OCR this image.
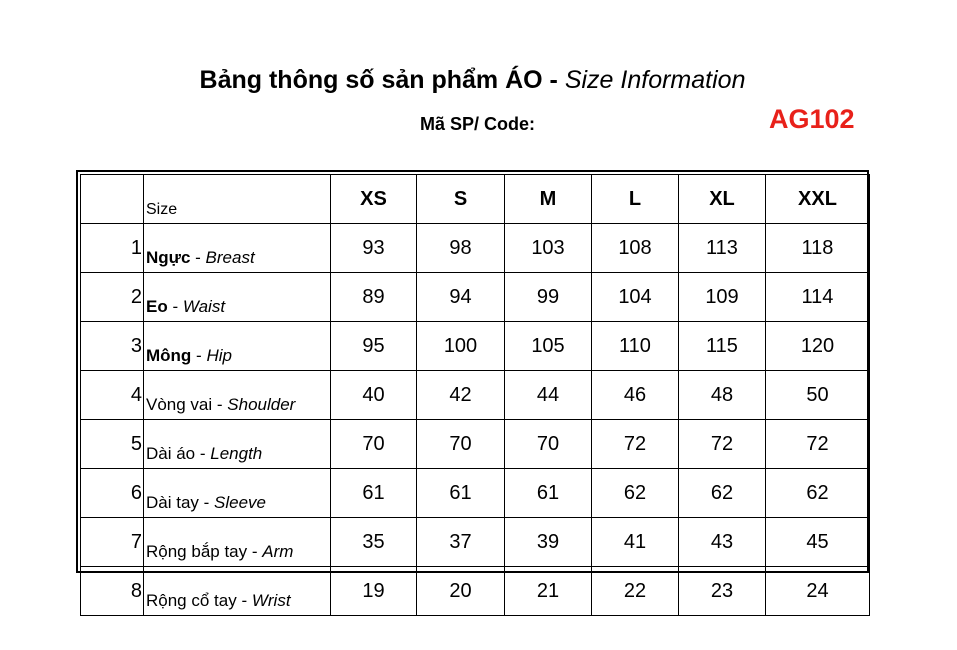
Bảng thông số sản phẩm ÁO - Size Information
Mã SP/ Code:	AG102
	Size	XS	S	M	L	XL	XXL
1	Ngực - Breast	93	98	103	108	113	118
2	Eo - Waist	89	94	99	104	109	114
3	Mông - Hip	95	100	105	110	115	120
4	Vòng vai - Shoulder	40	42	44	46	48	50
5	Dài áo - Length	70	70	70	72	72	72
6	Dài tay - Sleeve	61	61	61	62	62	62
7	Rộng bắp tay - Arm	35	37	39	41	43	45
8	Rộng cổ tay - Wrist	19	20	21	22	23	24
